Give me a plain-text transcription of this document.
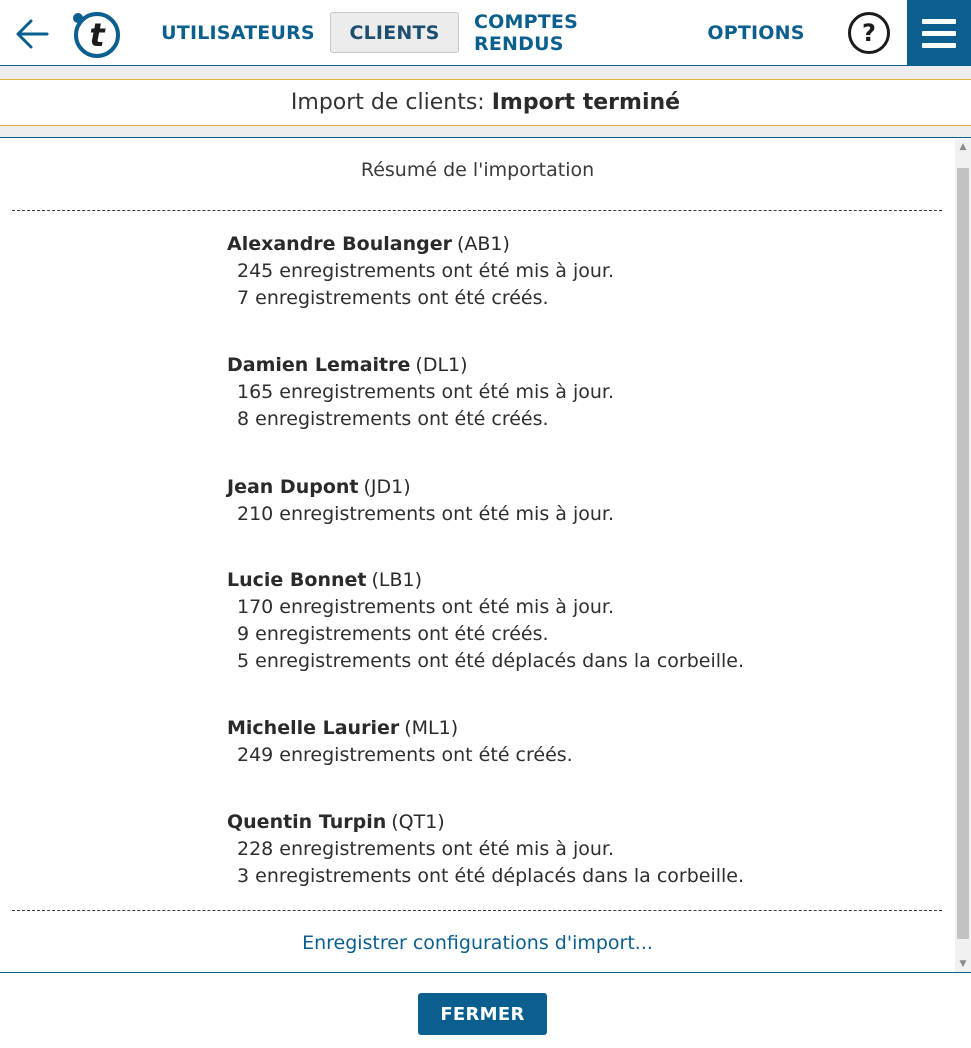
t	UTILISATEURS	CLIENTS	COMPTES RENDUS	OPTIONS	?
Import de clients: Import terminé
Résumé de l'importation
Alexandre Boulanger (AB1)
245 enregistrements ont été mis à jour.
7 enregistrements ont été créés.
Damien Lemaitre (DL1)
165 enregistrements ont été mis à jour.
8 enregistrements ont été créés.
Jean Dupont (JD1)
210 enregistrements ont été mis à jour.
Lucie Bonnet (LB1)
170 enregistrements ont été mis à jour.
9 enregistrements ont été créés.
5 enregistrements ont été déplacés dans la corbeille.
Michelle Laurier (ML1)
249 enregistrements ont été créés.
Quentin Turpin (QT1)
228 enregistrements ont été mis à jour.
3 enregistrements ont été déplacés dans la corbeille.
Enregistrer configurations d'import...
▲
▼
FERMER
